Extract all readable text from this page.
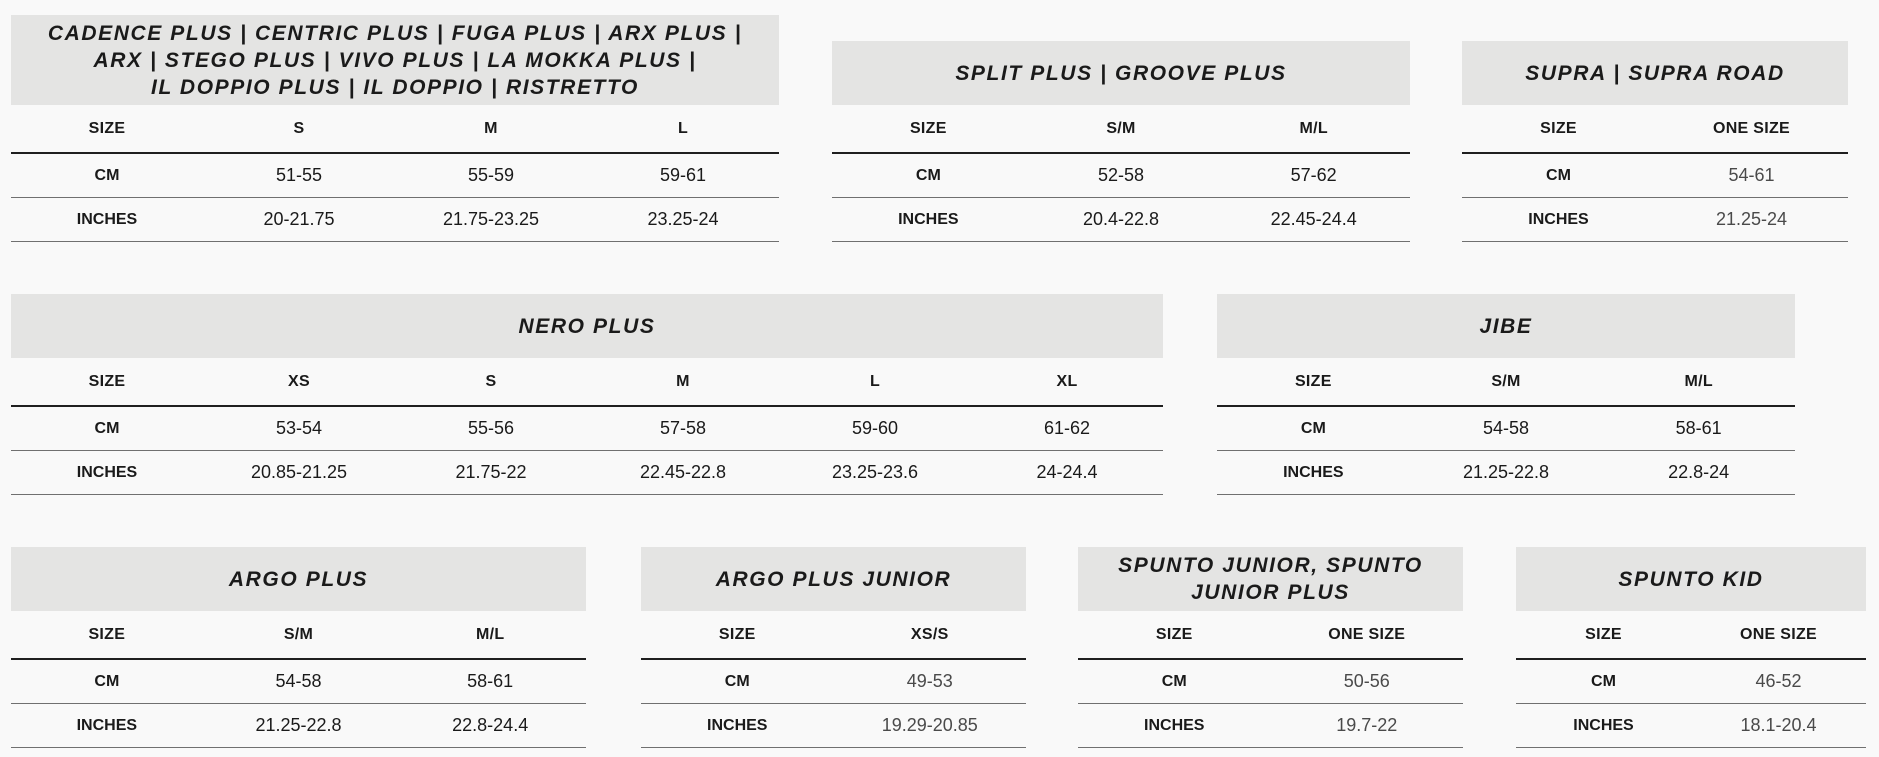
CADENCE PLUS | CENTRIC PLUS | FUGA PLUS | ARX PLUS |
ARX | STEGO PLUS | VIVO PLUS | LA MOKKA PLUS |
IL DOPPIO PLUS | IL DOPPIO | RISTRETTO
SIZE	S	M	L
CM	51-55	55-59	59-61
INCHES	20-21.75	21.75-23.25	23.25-24
SPLIT PLUS | GROOVE PLUS
SIZE	S/M	M/L
CM	52-58	57-62
INCHES	20.4-22.8	22.45-24.4
SUPRA | SUPRA ROAD
SIZE	ONE SIZE
CM	54-61
INCHES	21.25-24
NERO PLUS
SIZE	XS	S	M	L	XL
CM	53-54	55-56	57-58	59-60	61-62
INCHES	20.85-21.25	21.75-22	22.45-22.8	23.25-23.6	24-24.4
JIBE
SIZE	S/M	M/L
CM	54-58	58-61
INCHES	21.25-22.8	22.8-24
ARGO PLUS
SIZE	S/M	M/L
CM	54-58	58-61
INCHES	21.25-22.8	22.8-24.4
ARGO PLUS JUNIOR
SIZE	XS/S
CM	49-53
INCHES	19.29-20.85
SPUNTO JUNIOR, SPUNTO
JUNIOR PLUS
SIZE	ONE SIZE
CM	50-56
INCHES	19.7-22
SPUNTO KID
SIZE	ONE SIZE
CM	46-52
INCHES	18.1-20.4
